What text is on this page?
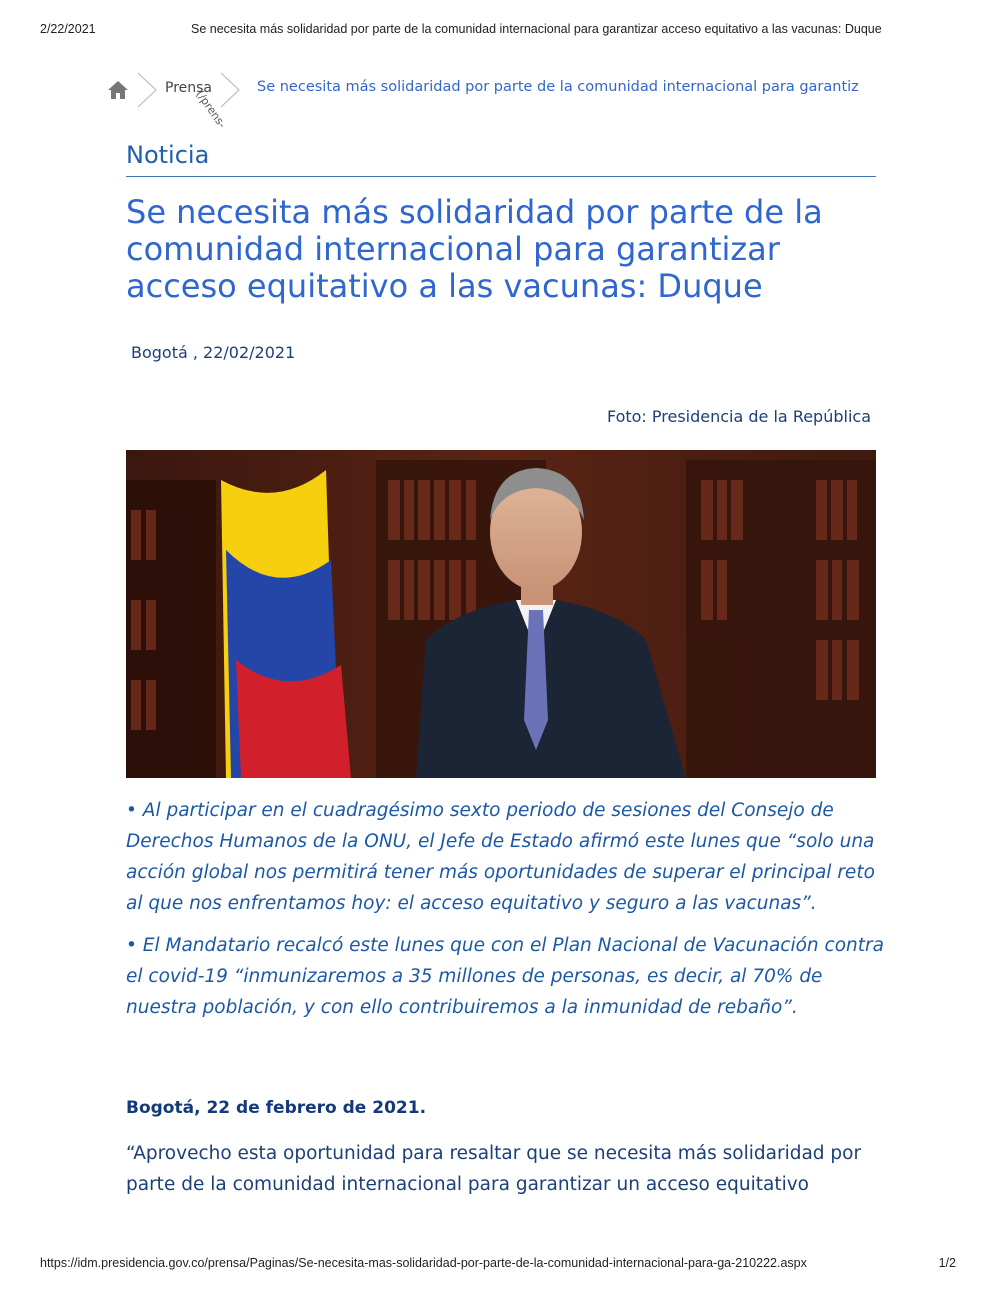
2/22/2021	Se necesita más solidaridad por parte de la comunidad internacional para garantizar acceso equitativo a las vacunas: Duque
Prensa
(/prens-
Se necesita más solidaridad por parte de la comunidad internacional para garantiz
Noticia
Se necesita más solidaridad por parte de la comunidad internacional para garantizar acceso equitativo a las vacunas: Duque
Bogotá , 22/02/2021
Foto: Presidencia de la República

• Al participar en el cuadragésimo sexto periodo de sesiones del Consejo de Derechos Humanos de la ONU, el Jefe de Estado afirmó este lunes que “solo una acción global nos permitirá tener más oportunidades de superar el principal reto al que nos enfrentamos hoy: el acceso equitativo y seguro a las vacunas”.

• El Mandatario recalcó este lunes que con el Plan Nacional de Vacunación contra el covid-19 “inmunizaremos a 35 millones de personas, es decir, al 70% de nuestra población, y con ello contribuiremos a la inmunidad de rebaño”.

Bogotá, 22 de febrero de 2021.

“Aprovecho esta oportunidad para resaltar que se necesita más solidaridad por parte de la comunidad internacional para garantizar un acceso equitativo

https://idm.presidencia.gov.co/prensa/Paginas/Se-necesita-mas-solidaridad-por-parte-de-la-comunidad-internacional-para-ga-210222.aspx	1/2
